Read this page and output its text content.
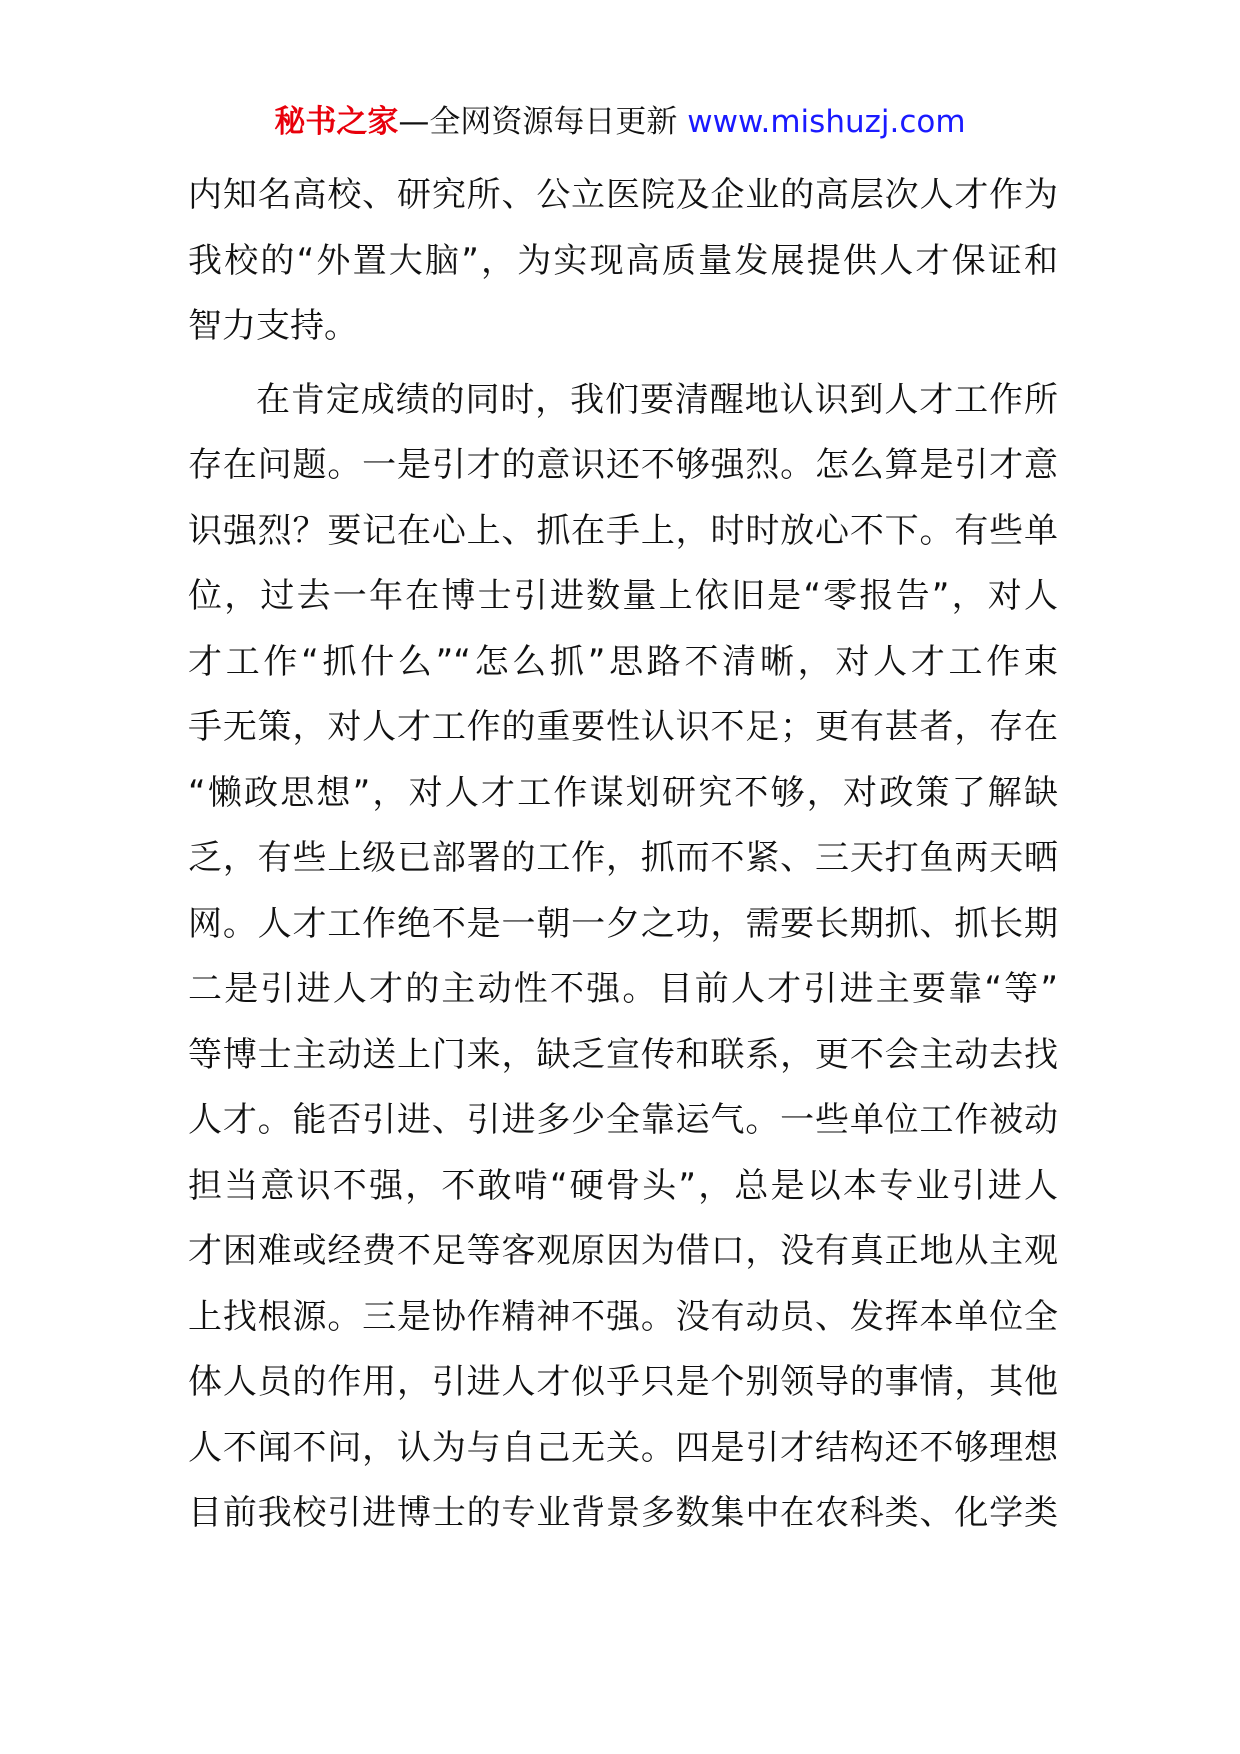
秘书之家—全网资源每日更新 www.mishuzj.com
内知名高校、研究所、公立医院及企业的高层次人才作为
我校的“外置大脑”，为实现高质量发展提供人才保证和
智力支持。
在肯定成绩的同时，我们要清醒地认识到人才工作所
存在问题。一是引才的意识还不够强烈。怎么算是引才意
识强烈？要记在心上、抓在手上，时时放心不下。有些单
位，过去一年在博士引进数量上依旧是“零报告”，对人
才工作“抓什么”“怎么抓”思路不清晰，对人才工作束
手无策，对人才工作的重要性认识不足；更有甚者，存在
“懒政思想”，对人才工作谋划研究不够，对政策了解缺
乏，有些上级已部署的工作，抓而不紧、三天打鱼两天晒
网。人才工作绝不是一朝一夕之功，需要长期抓、抓长期
二是引进人才的主动性不强。目前人才引进主要靠“等”
等博士主动送上门来，缺乏宣传和联系，更不会主动去找
人才。能否引进、引进多少全靠运气。一些单位工作被动
担当意识不强，不敢啃“硬骨头”，总是以本专业引进人
才困难或经费不足等客观原因为借口，没有真正地从主观
上找根源。三是协作精神不强。没有动员、发挥本单位全
体人员的作用，引进人才似乎只是个别领导的事情，其他
人不闻不问，认为与自己无关。四是引才结构还不够理想
目前我校引进博士的专业背景多数集中在农科类、化学类
